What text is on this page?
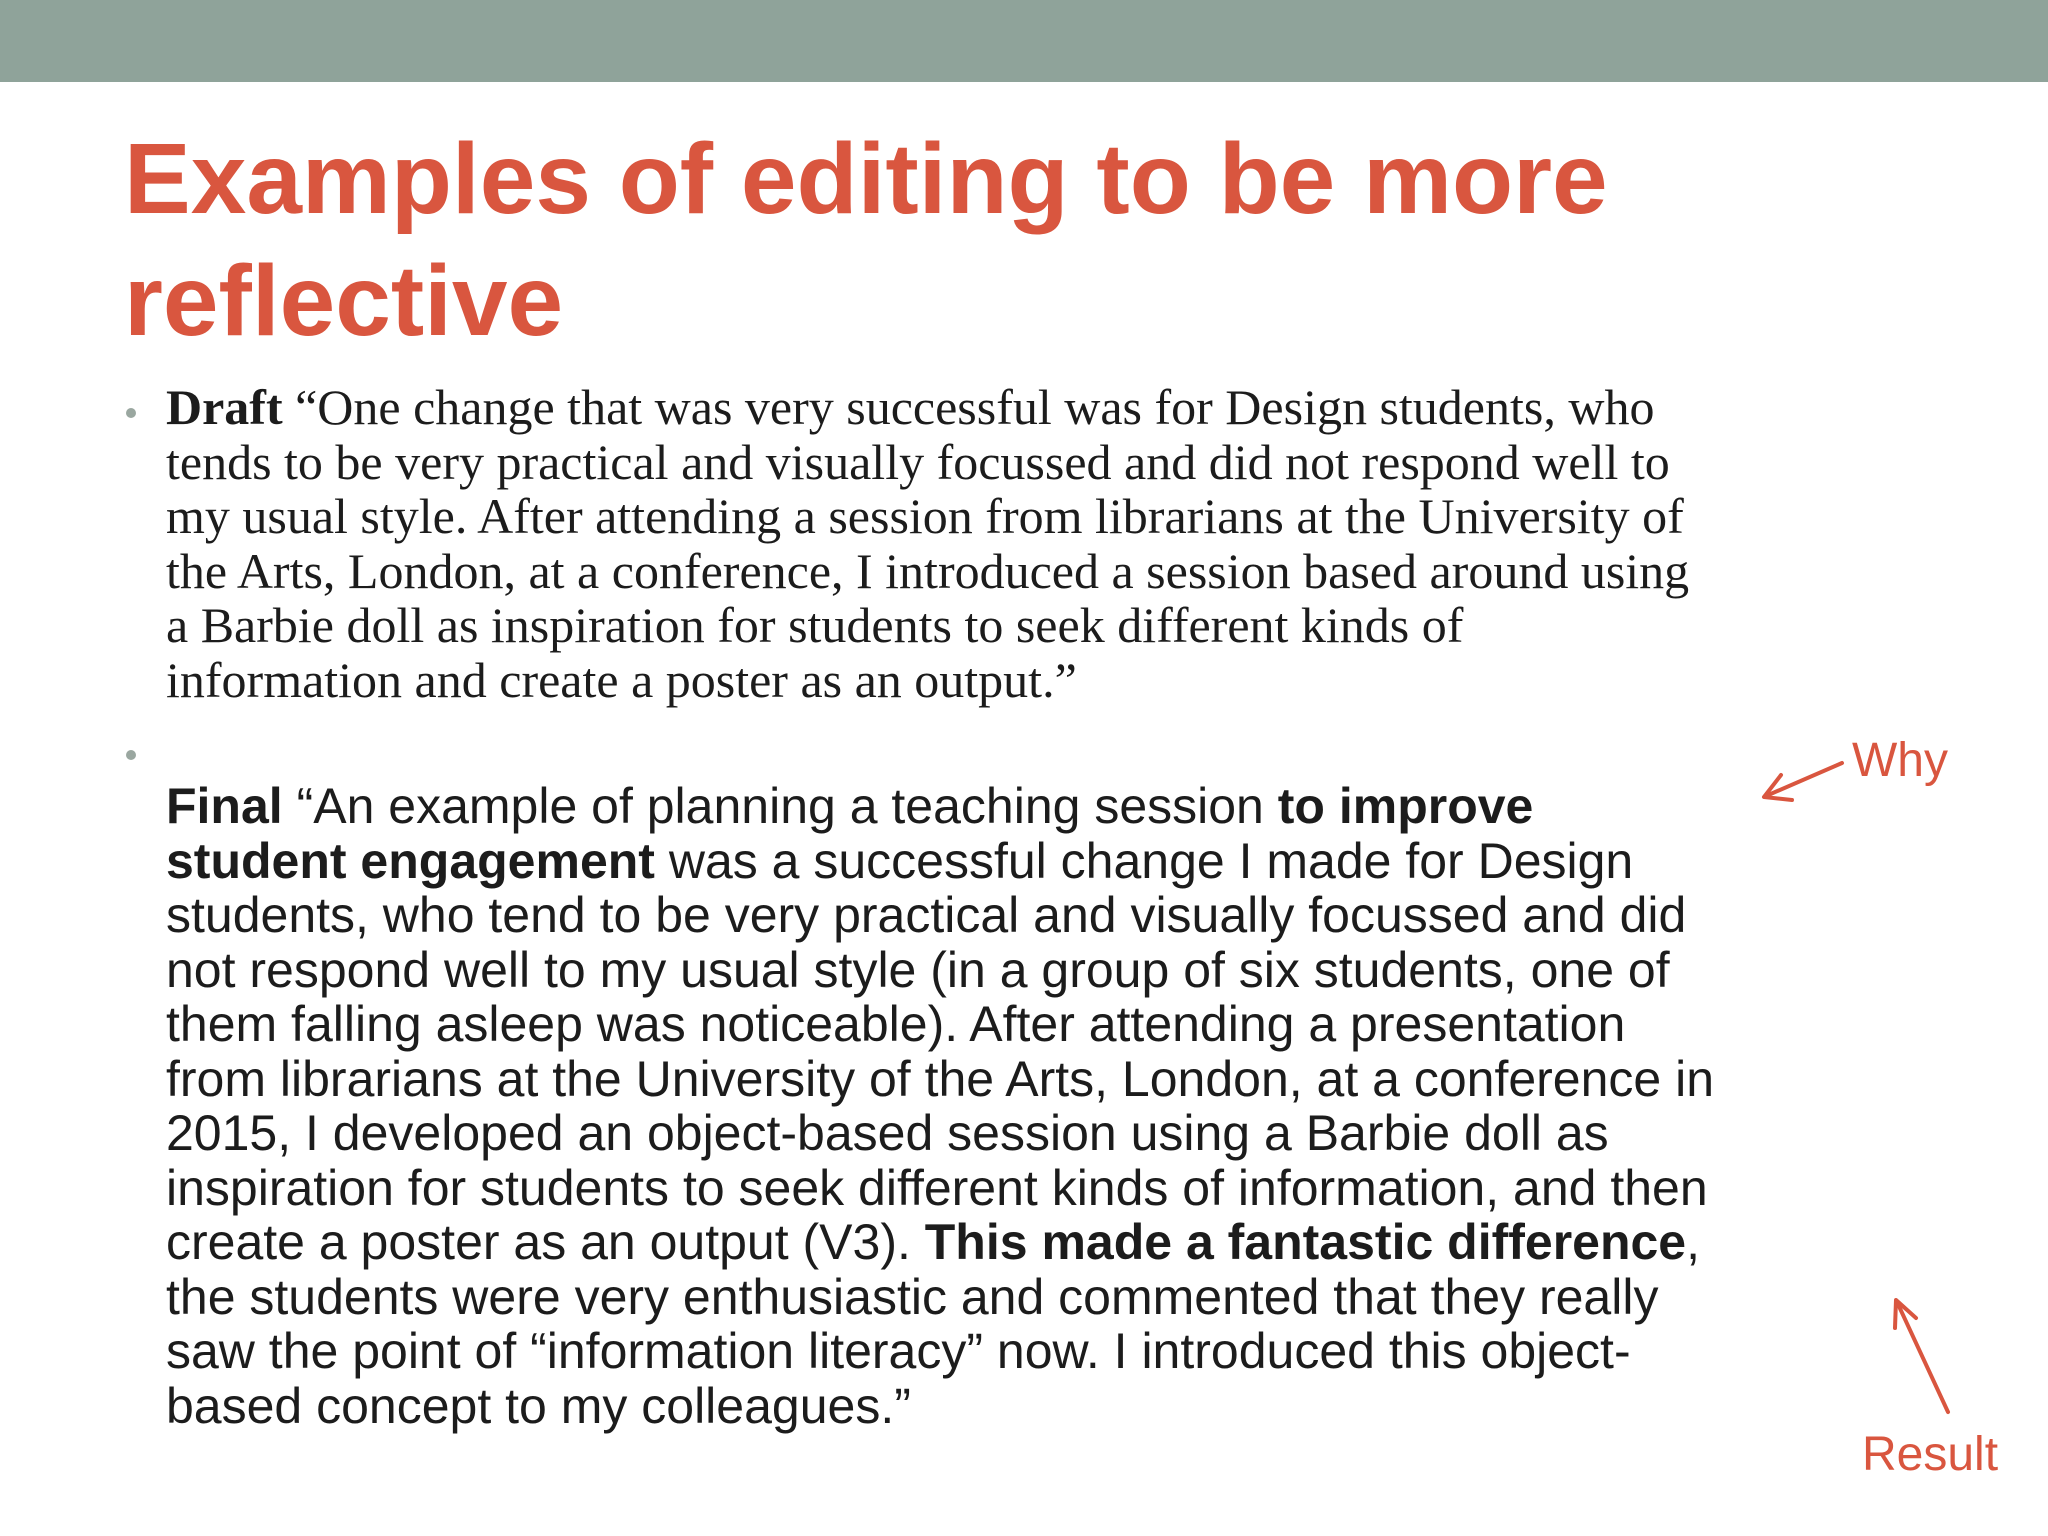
Examples of editing to be more reflective

Draft “One change that was very successful was for Design students, who
tends to be very practical and visually focussed and did not respond well to
my usual style. After attending a session from librarians at the University of
the Arts, London, at a conference, I introduced a session based around using
a Barbie doll as inspiration for students to seek different kinds of
information and create a poster as an output.”

Final “An example of planning a teaching session to improve
student engagement was a successful change I made for Design
students, who tend to be very practical and visually focussed and did
not respond well to my usual style (in a group of six students, one of
them falling asleep was noticeable). After attending a presentation
from librarians at the University of the Arts, London, at a conference in
2015, I developed an object-based session using a Barbie doll as
inspiration for students to seek different kinds of information, and then
create a poster as an output (V3). This made a fantastic difference,
the students were very enthusiastic and commented that they really
saw the point of “information literacy” now. I introduced this object-
based concept to my colleagues.”

Why
Result
